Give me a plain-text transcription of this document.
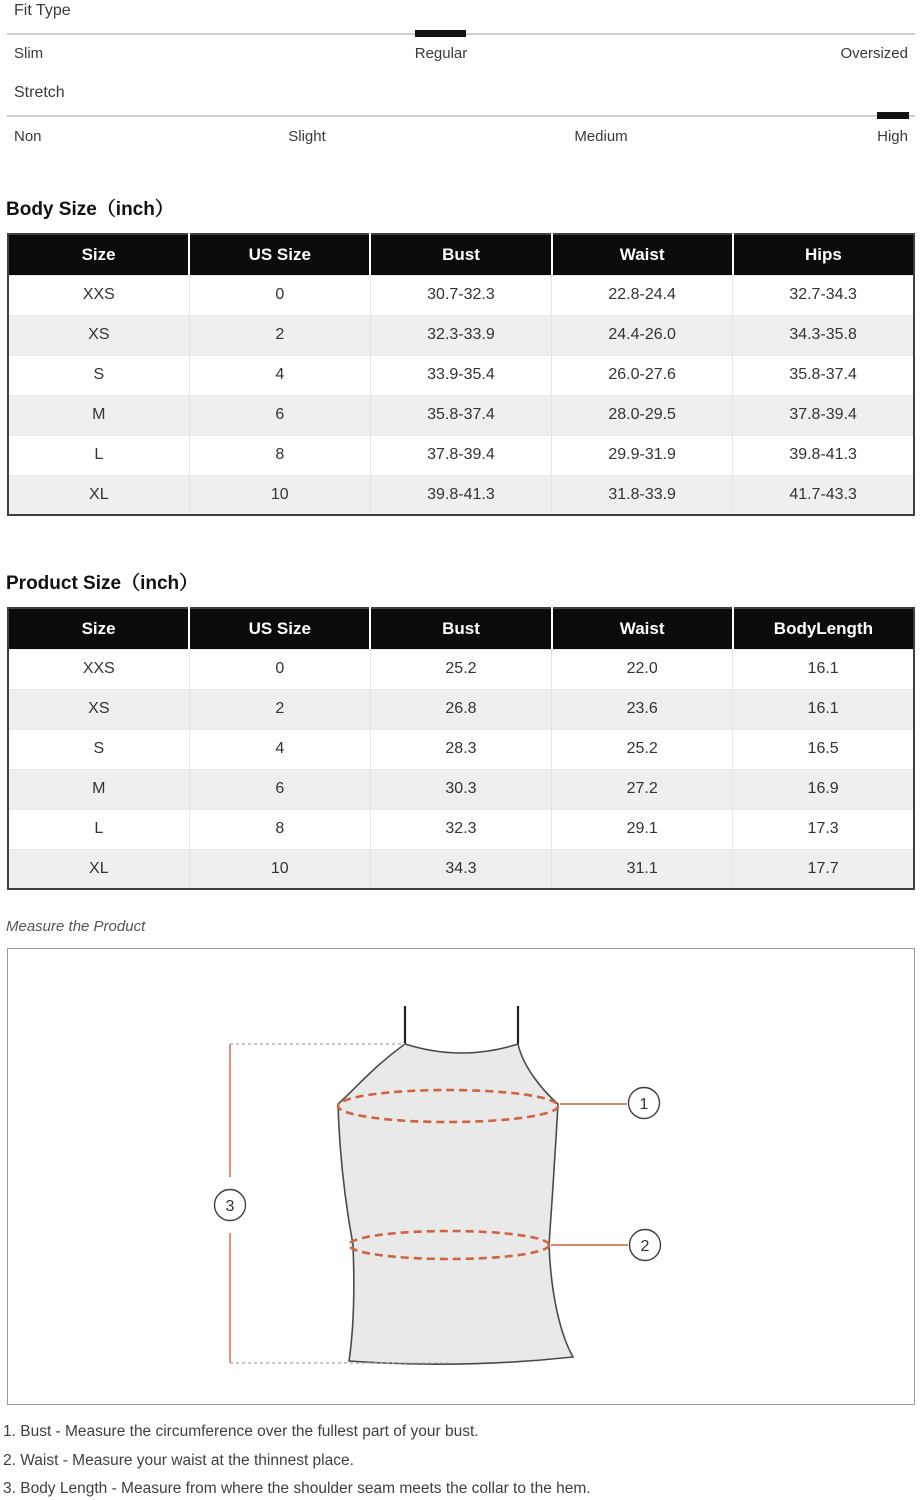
Fit Type
Slim	Regular	Oversized
Stretch
Non	Slight	Medium	High
Body Size（inch）
Size	US Size	Bust	Waist	Hips
XXS	0	30.7-32.3	22.8-24.4	32.7-34.3
XS	2	32.3-33.9	24.4-26.0	34.3-35.8
S	4	33.9-35.4	26.0-27.6	35.8-37.4
M	6	35.8-37.4	28.0-29.5	37.8-39.4
L	8	37.8-39.4	29.9-31.9	39.8-41.3
XL	10	39.8-41.3	31.8-33.9	41.7-43.3
Product Size（inch）
Size	US Size	Bust	Waist	BodyLength
XXS	0	25.2	22.0	16.1
XS	2	26.8	23.6	16.1
S	4	28.3	25.2	16.5
M	6	30.3	27.2	16.9
L	8	32.3	29.1	17.3
XL	10	34.3	31.1	17.7
Measure the Product
1
2
3
1. Bust - Measure the circumference over the fullest part of your bust.
2. Waist - Measure your waist at the thinnest place.
3. Body Length - Measure from where the shoulder seam meets the collar to the hem.
